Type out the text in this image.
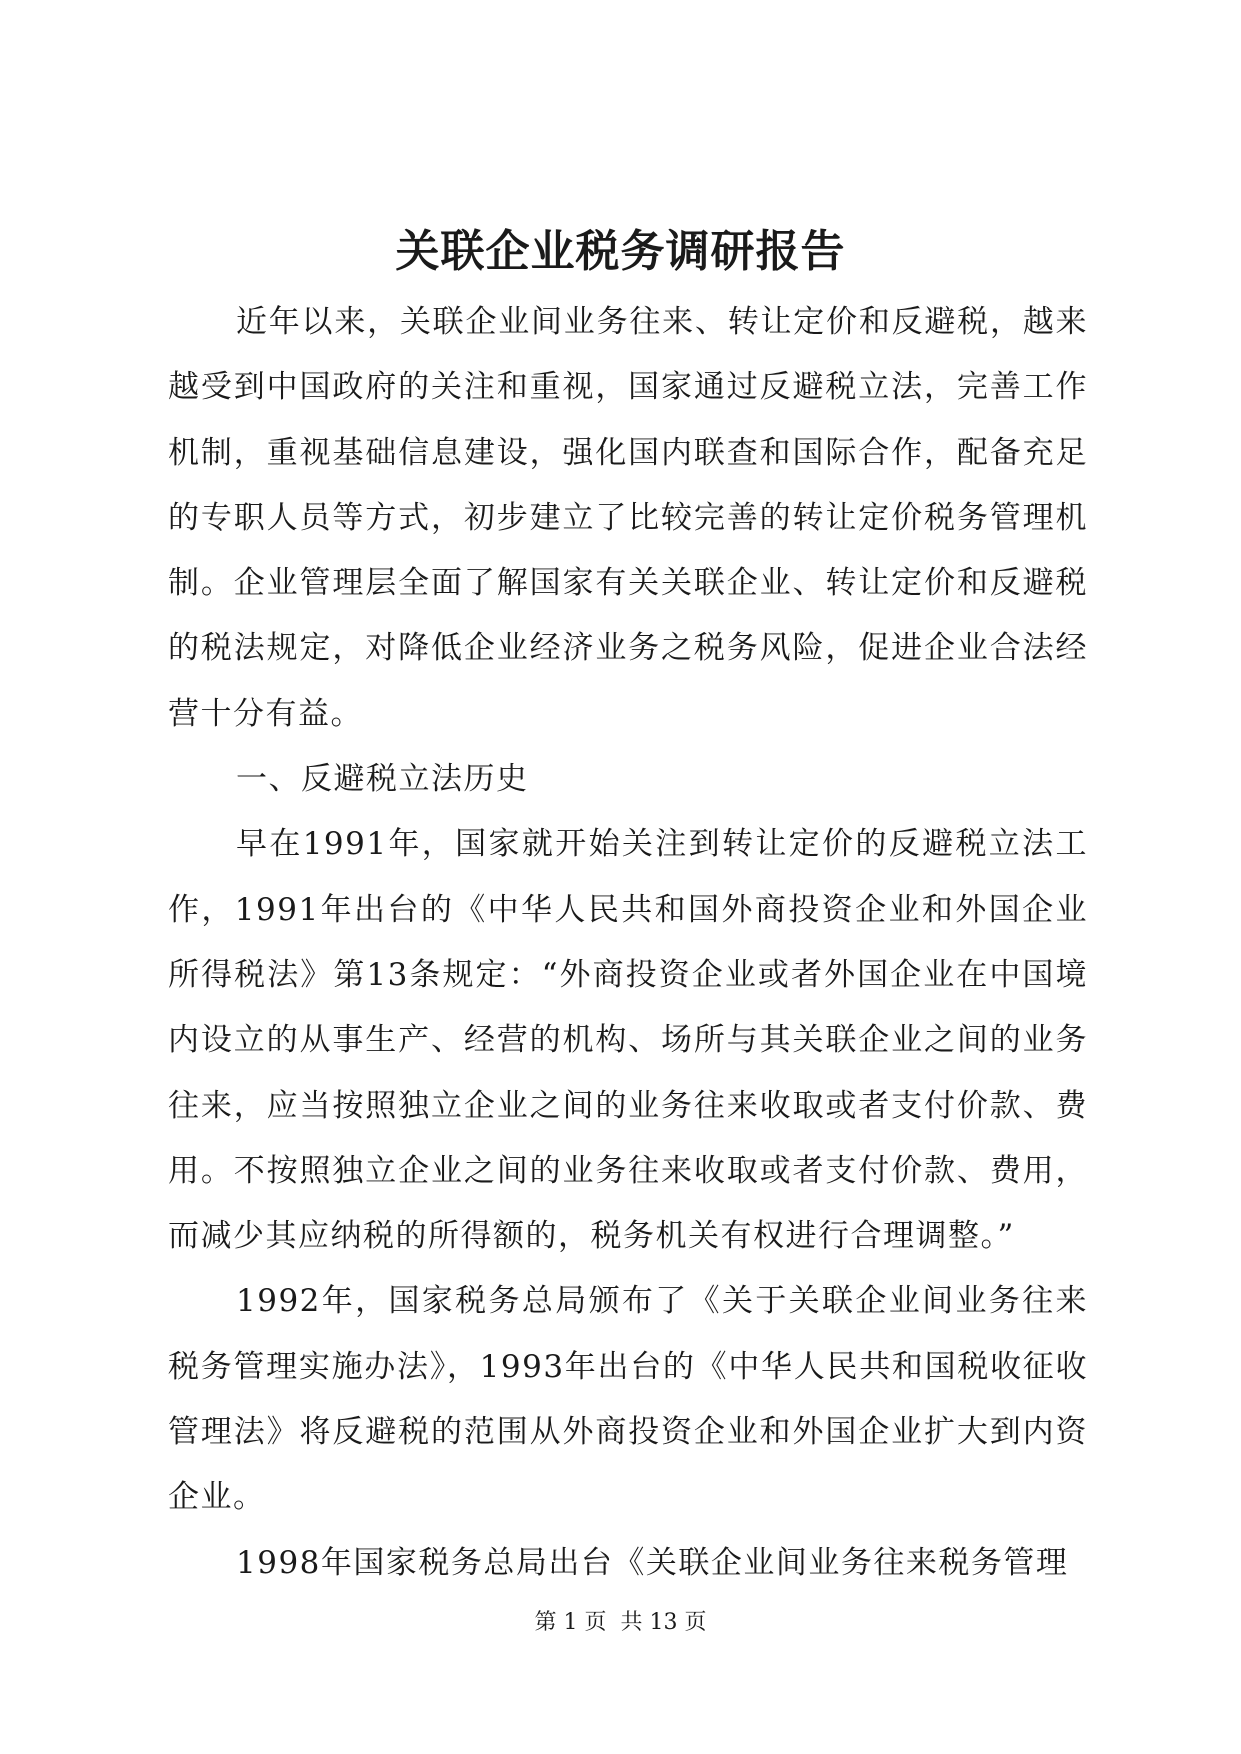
关联企业税务调研报告

近年以来，关联企业间业务往来、转让定价和反避税，越来越受到中国政府的关注和重视，国家通过反避税立法，完善工作机制，重视基础信息建设，强化国内联查和国际合作，配备充足的专职人员等方式，初步建立了比较完善的转让定价税务管理机制。企业管理层全面了解国家有关关联企业、转让定价和反避税的税法规定，对降低企业经济业务之税务风险，促进企业合法经营十分有益。

一、反避税立法历史

早在1991年，国家就开始关注到转让定价的反避税立法工作，1991年出台的《中华人民共和国外商投资企业和外国企业所得税法》第13条规定：“外商投资企业或者外国企业在中国境内设立的从事生产、经营的机构、场所与其关联企业之间的业务往来，应当按照独立企业之间的业务往来收取或者支付价款、费用。不按照独立企业之间的业务往来收取或者支付价款、费用，而减少其应纳税的所得额的，税务机关有权进行合理调整。”

1992年，国家税务总局颁布了《关于关联企业间业务往来税务管理实施办法》，1993年出台的《中华人民共和国税收征收管理法》将反避税的范围从外商投资企业和外国企业扩大到内资企业。

1998年国家税务总局出台《关联企业间业务往来税务管理

第 1 页  共 13 页
